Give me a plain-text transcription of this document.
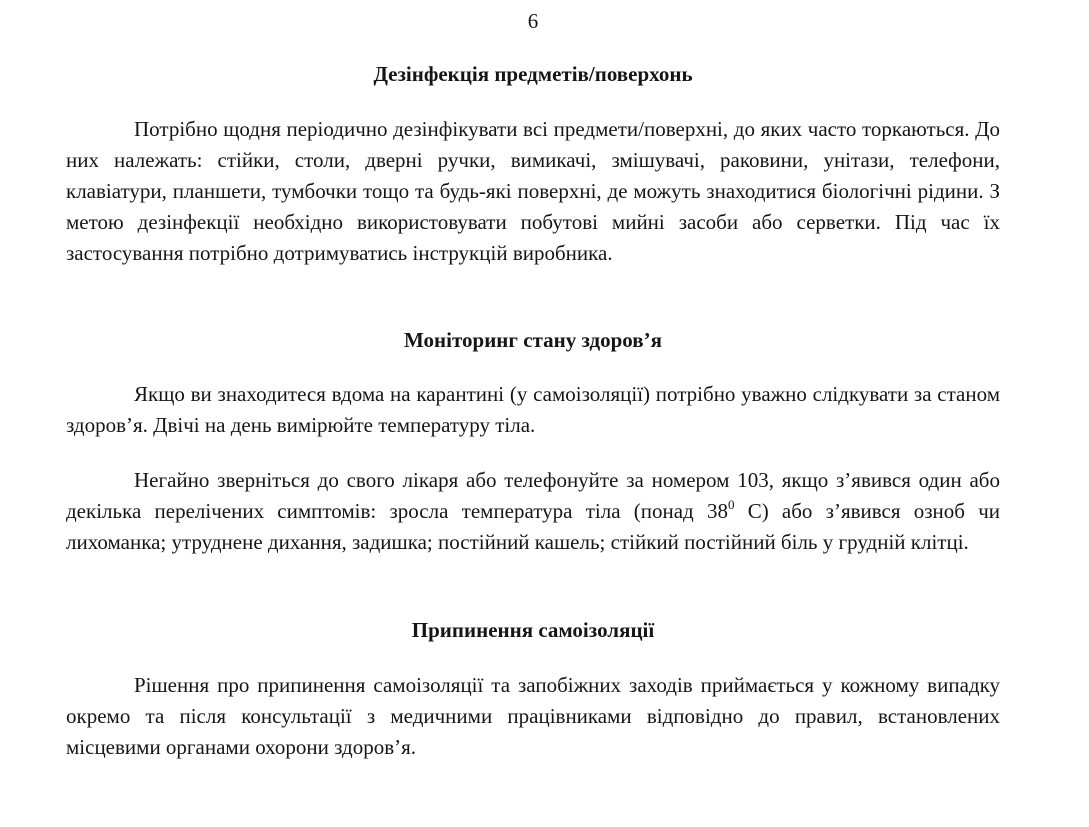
6
Дезінфекція предметів/поверхонь

Потрібно щодня періодично дезінфікувати всі предмети/поверхні, до яких часто торкаються. До них належать: стійки, столи, дверні ручки, вимикачі, змішувачі, раковини, унітази, телефони, клавіатури, планшети, тумбочки тощо та будь-які поверхні, де можуть знаходитися біологічні рідини. З метою дезінфекції необхідно використовувати побутові мийні засоби або серветки. Під час їх застосування потрібно дотримуватись інструкцій виробника.

Моніторинг стану здоров’я

Якщо ви знаходитеся вдома на карантині (у самоізоляції) потрібно уважно слідкувати за станом здоров’я. Двічі на день вимірюйте температуру тіла.

Негайно зверніться до свого лікаря або телефонуйте за номером 103, якщо з’явився один або декілька перелічених симптомів: зросла температура тіла (понад $38^0$ С) або з’явився озноб чи лихоманка; утруднене дихання, задишка; постійний кашель; стійкий постійний біль у грудній клітці.

Припинення самоізоляції

Рішення про припинення самоізоляції та запобіжних заходів приймається у кожному випадку окремо та після консультації з медичними працівниками відповідно до правил, встановлених місцевими органами охорони здоров’я.
